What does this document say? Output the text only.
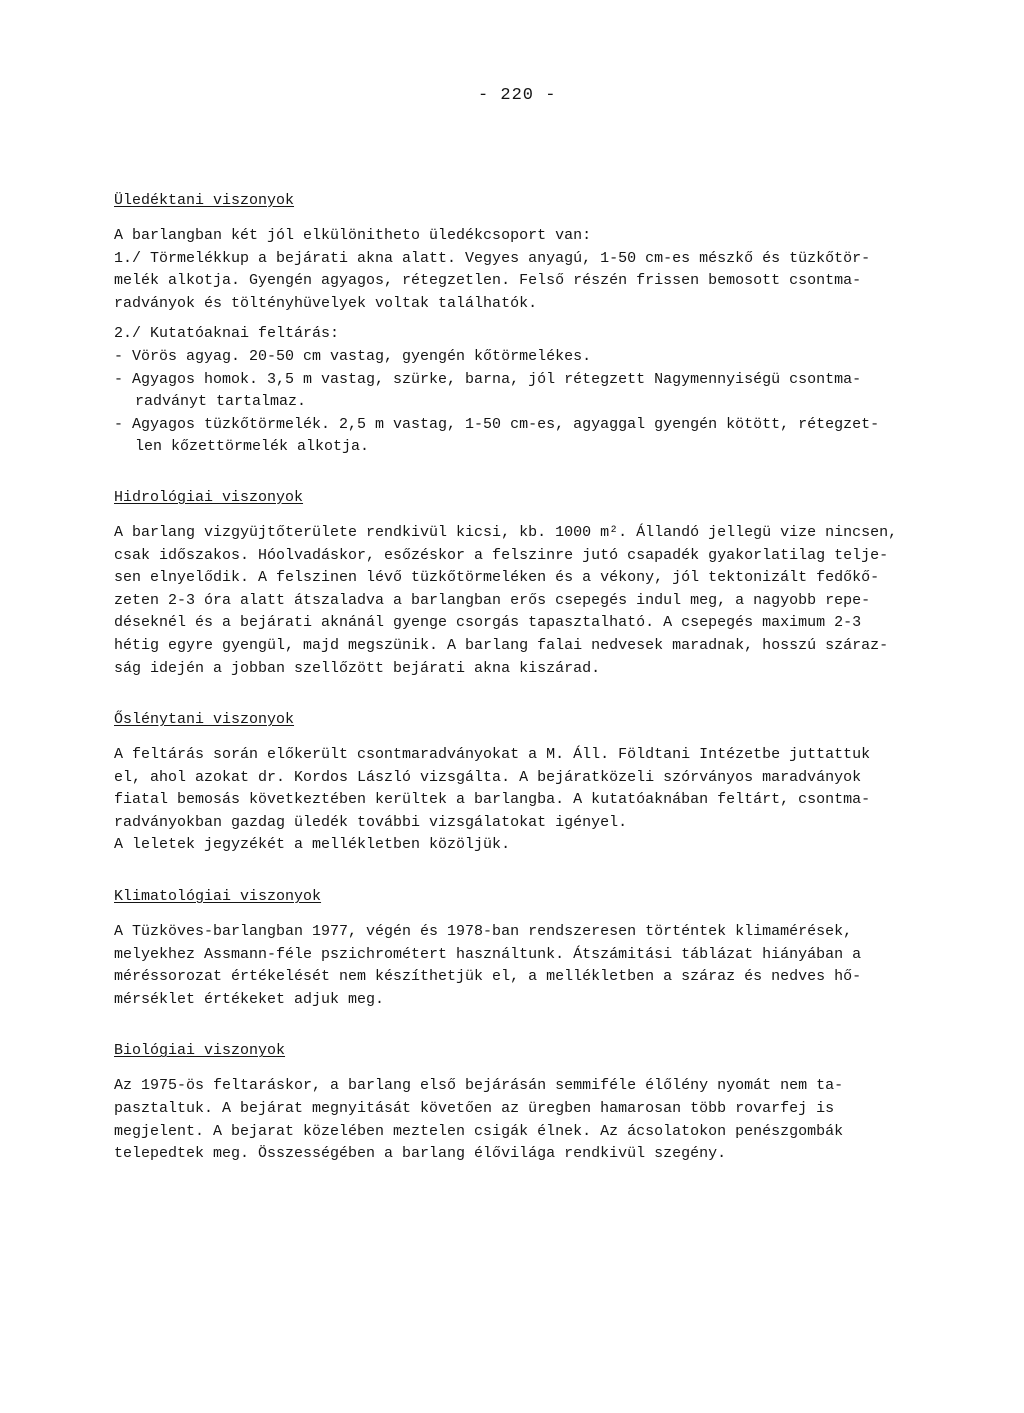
- 220 -
Üledéktani viszonyok

A barlangban két jól elkülönitheto üledékcsoport van:

1./ Törmelékkup a bejárati akna alatt. Vegyes anyagú, 1-50 cm-es mészkő és tüzkőtör-

melék alkotja. Gyengén agyagos, rétegzetlen. Felső részén frissen bemosott csontma-

radványok és töltényhüvelyek voltak találhatók.

2./ Kutatóaknai feltárás:

- Vörös agyag. 20-50 cm vastag, gyengén kőtörmelékes.

- Agyagos homok. 3,5 m vastag, szürke, barna, jól rétegzett Nagymennyiségü csontma-

radványt tartalmaz.

- Agyagos tüzkőtörmelék. 2,5 m vastag, 1-50 cm-es, agyaggal gyengén kötött, rétegzet-

len kőzettörmelék alkotja.

Hidrológiai viszonyok

A barlang vizgyüjtőterülete rendkivül kicsi, kb. 1000 m². Állandó jellegü vize nincsen,

csak időszakos. Hóolvadáskor, esőzéskor a felszinre jutó csapadék gyakorlatilag telje-

sen elnyelődik. A felszinen lévő tüzkőtörmeléken és a vékony, jól tektonizált fedőkő-

zeten 2-3 óra alatt átszaladva a barlangban erős csepegés indul meg, a nagyobb repe-

déseknél és a bejárati aknánál gyenge csorgás tapasztalható. A csepegés maximum 2-3

hétig egyre gyengül, majd megszünik. A barlang falai nedvesek maradnak, hosszú száraz-

ság idején a jobban szellőzött bejárati akna kiszárad.

Őslénytani viszonyok

A feltárás során előkerült csontmaradványokat a M. Áll. Földtani Intézetbe juttattuk

el, ahol azokat dr. Kordos László vizsgálta. A bejáratközeli szórványos maradványok

fiatal bemosás következtében kerültek a barlangba. A kutatóaknában feltárt, csontma-

radványokban gazdag üledék további vizsgálatokat igényel.

A leletek jegyzékét a mellékletben közöljük.

Klimatológiai viszonyok

A Tüzköves-barlangban 1977, végén és 1978-ban rendszeresen történtek klimamérések,

melyekhez Assmann-féle pszichrométert használtunk. Átszámitási táblázat hiányában a

méréssorozat értékelését nem készíthetjük el, a mellékletben a száraz és nedves hő-

mérséklet értékeket adjuk meg.

Biológiai viszonyok

Az 1975-ös feltaráskor, a barlang első bejárásán semmiféle élőlény nyomát nem ta-

pasztaltuk. A bejárat megnyitását követően az üregben hamarosan több rovarfej is

megjelent. A bejarat közelében meztelen csigák élnek. Az ácsolatokon penészgombák

telepedtek meg. Összességében a barlang élővilága rendkivül szegény.
